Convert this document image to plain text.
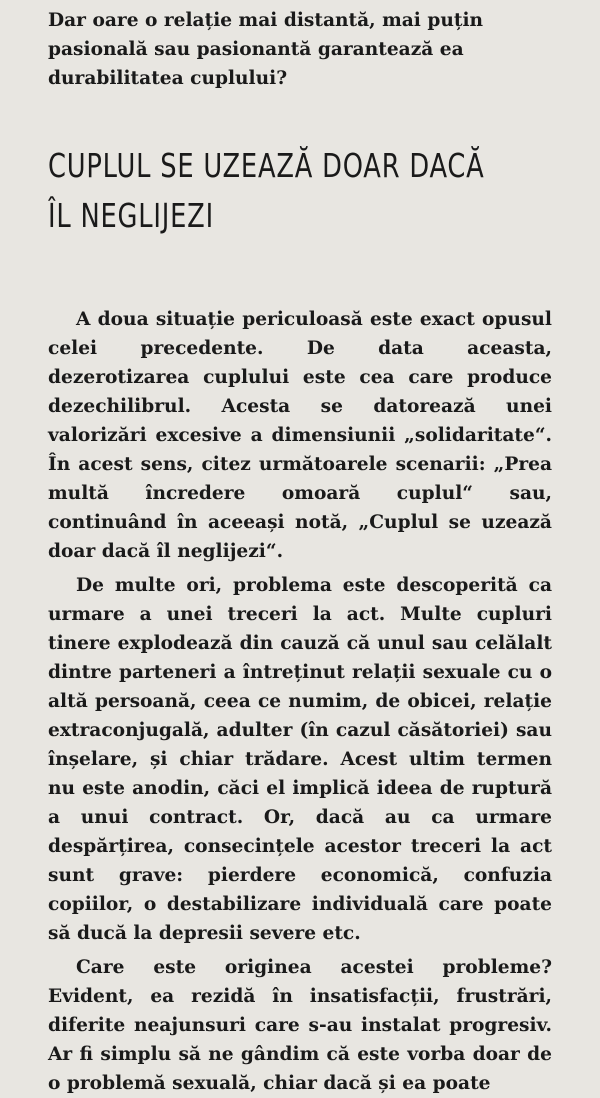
Dar oare o relație mai distantă, mai puțin pasională sau pasionantă garantează ea durabilitatea cuplului?

CUPLUL SE UZEAZĂ DOAR DACĂ
ÎL NEGLIJEZI

A doua situație periculoasă este exact opusul celei precedente. De data aceasta, dezerotizarea cuplului este cea care produce dezechilibrul. Acesta se datorează unei valorizări excesive a dimensiunii „solidaritate“. În acest sens, citez următoarele scenarii: „Prea multă încredere omoară cuplul“ sau, continuând în aceeași notă, „Cuplul se uzează doar dacă îl neglijezi“.

De multe ori, problema este descoperită ca urmare a unei treceri la act. Multe cupluri tinere explodează din cauză că unul sau celălalt dintre parteneri a întreținut relații sexuale cu o altă persoană, ceea ce numim, de obicei, relație extraconjugală, adulter (în cazul căsătoriei) sau înșelare, și chiar trădare. Acest ultim termen nu este anodin, căci el implică ideea de ruptură a unui contract. Or, dacă au ca urmare despărțirea, consecințele acestor treceri la act sunt grave: pierdere economică, confuzia copiilor, o destabilizare individuală care poate să ducă la depresii severe etc.

Care este originea acestei probleme? Evident, ea rezidă în insatisfacții, frustrări, diferite neajunsuri care s-au instalat progresiv. Ar fi simplu să ne gândim că este vorba doar de o problemă sexuală, chiar dacă și ea poate
